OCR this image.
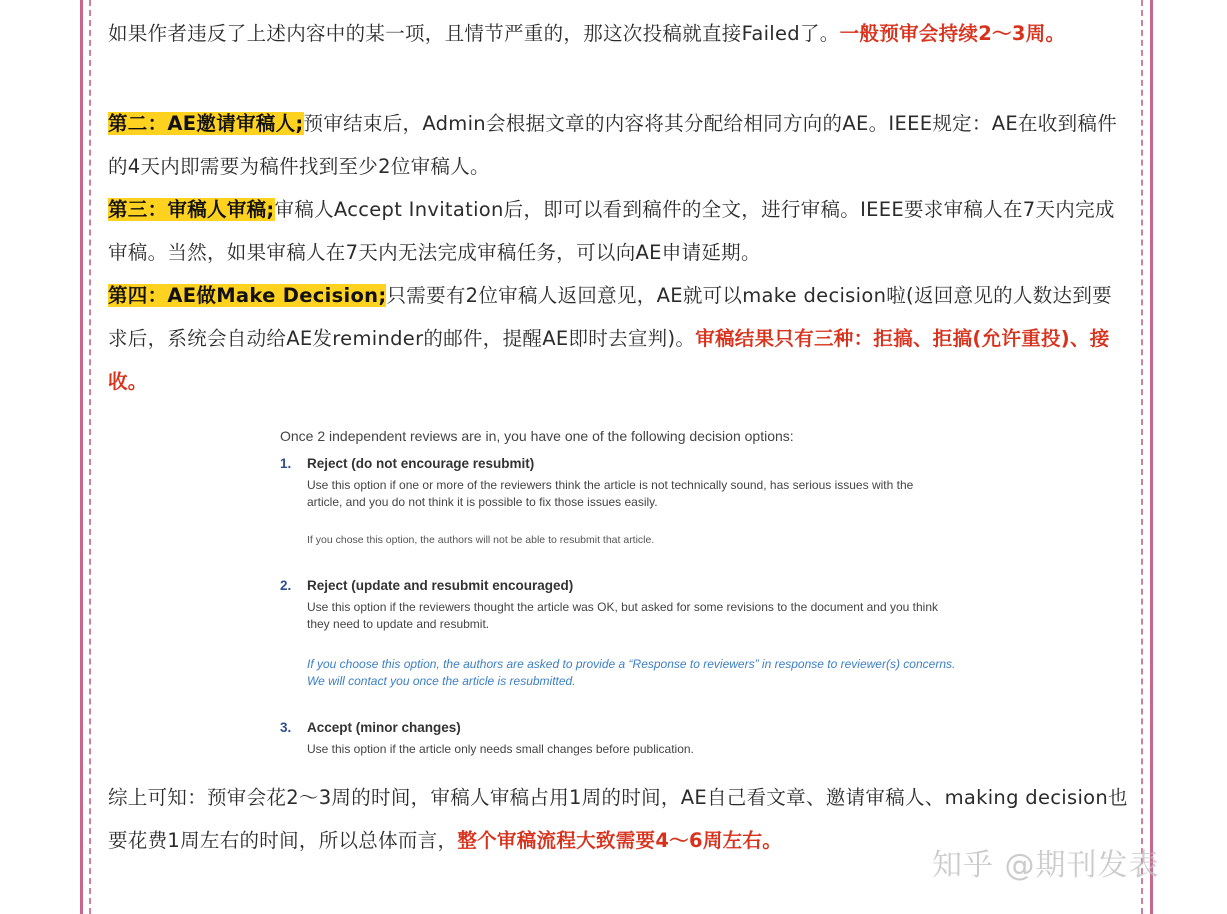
如果作者违反了上述内容中的某一项，且情节严重的，那这次投稿就直接Failed了。一般预审会持续2～3周。

第二：AE邀请审稿人;预审结束后，Admin会根据文章的内容将其分配给相同方向的AE。IEEE规定：AE在收到稿件的4天内即需要为稿件找到至少2位审稿人。

第三：审稿人审稿;审稿人Accept Invitation后，即可以看到稿件的全文，进行审稿。IEEE要求审稿人在7天内完成审稿。当然，如果审稿人在7天内无法完成审稿任务，可以向AE申请延期。

第四：AE做Make Decision;只需要有2位审稿人返回意见，AE就可以make decision啦(返回意见的人数达到要求后，系统会自动给AE发reminder的邮件，提醒AE即时去宣判)。审稿结果只有三种：拒搞、拒搞(允许重投)、接收。

综上可知：预审会花2～3周的时间，审稿人审稿占用1周的时间，AE自己看文章、邀请审稿人、making decision也要花费1周左右的时间，所以总体而言，整个审稿流程大致需要4～6周左右。

Once 2 independent reviews are in, you have one of the following decision options:
1. Reject (do not encourage resubmit)
Use this option if one or more of the reviewers think the article is not technically sound, has serious issues with the article, and you do not think it is possible to fix those issues easily.
If you chose this option, the authors will not be able to resubmit that article.
2. Reject (update and resubmit encouraged)
Use this option if the reviewers thought the article was OK, but asked for some revisions to the document and you think they need to update and resubmit.
If you choose this option, the authors are asked to provide a “Response to reviewers” in response to reviewer(s) concerns. We will contact you once the article is resubmitted.
3. Accept (minor changes)
Use this option if the article only needs small changes before publication.
知乎 @期刊发表
